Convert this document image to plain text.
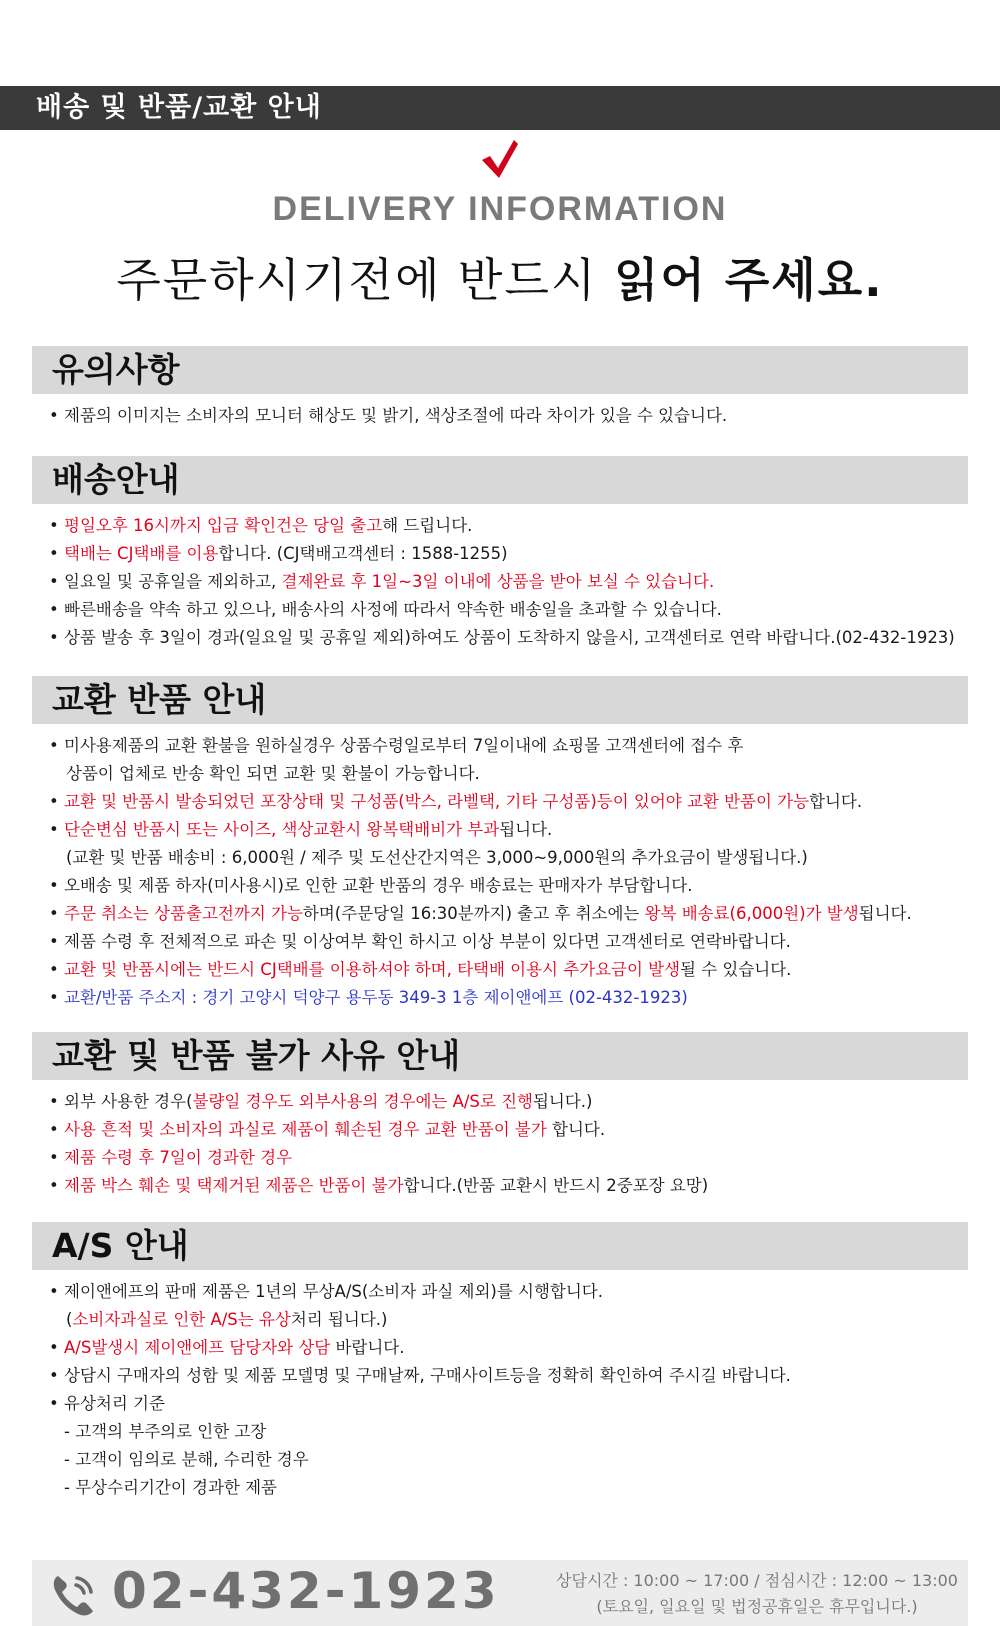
배송 및 반품/교환 안내
DELIVERY INFORMATION
주문하시기전에 반드시 읽어 주세요.
유의사항
• 제품의 이미지는 소비자의 모니터 해상도 및 밝기, 색상조절에 따라 차이가 있을 수 있습니다.
배송안내
• 평일오후 16시까지 입금 확인건은 당일 출고해 드립니다.
• 택배는 CJ택배를 이용합니다. (CJ택배고객센터 : 1588-1255)
• 일요일 및 공휴일을 제외하고, 결제완료 후 1일~3일 이내에 상품을 받아 보실 수 있습니다.
• 빠른배송을 약속 하고 있으나, 배송사의 사정에 따라서 약속한 배송일을 초과할 수 있습니다.
• 상품 발송 후 3일이 경과(일요일 및 공휴일 제외)하여도 상품이 도착하지 않을시, 고객센터로 연락 바랍니다.(02-432-1923)
교환 반품 안내
• 미사용제품의 교환 환불을 원하실경우 상품수령일로부터 7일이내에 쇼핑몰 고객센터에 접수 후
상품이 업체로 반송 확인 되면 교환 및 환불이 가능합니다.
• 교환 및 반품시 발송되었던 포장상태 및 구성품(박스, 라벨택, 기타 구성품)등이 있어야 교환 반품이 가능합니다.
• 단순변심 반품시 또는 사이즈, 색상교환시 왕복택배비가 부과됩니다.
(교환 및 반품 배송비 : 6,000원 / 제주 및 도선산간지역은 3,000~9,000원의 추가요금이 발생됩니다.)
• 오배송 및 제품 하자(미사용시)로 인한 교환 반품의 경우 배송료는 판매자가 부담합니다.
• 주문 취소는 상품출고전까지 가능하며(주문당일 16:30분까지) 출고 후 취소에는 왕복 배송료(6,000원)가 발생됩니다.
• 제품 수령 후 전체적으로 파손 및 이상여부 확인 하시고 이상 부분이 있다면 고객센터로 연락바랍니다.
• 교환 및 반품시에는 반드시 CJ택배를 이용하셔야 하며, 타택배 이용시 추가요금이 발생될 수 있습니다.
• 교환/반품 주소지 : 경기 고양시 덕양구 용두동 349-3 1층 제이앤에프 (02-432-1923)
교환 및 반품 불가 사유 안내
• 외부 사용한 경우(불량일 경우도 외부사용의 경우에는 A/S로 진행됩니다.)
• 사용 흔적 및 소비자의 과실로 제품이 훼손된 경우 교환 반품이 불가 합니다.
• 제품 수령 후 7일이 경과한 경우
• 제품 박스 훼손 및 택제거된 제품은 반품이 불가합니다.(반품 교환시 반드시 2중포장 요망)
A/S 안내
• 제이앤에프의 판매 제품은 1년의 무상A/S(소비자 과실 제외)를 시행합니다.
(소비자과실로 인한 A/S는 유상처리 됩니다.)
• A/S발생시 제이앤에프 담당자와 상담 바랍니다.
• 상담시 구매자의 성함 및 제품 모델명 및 구매날짜, 구매사이트등을 정확히 확인하여 주시길 바랍니다.
• 유상처리 기준
- 고객의 부주의로 인한 고장
- 고객이 임의로 분해, 수리한 경우
- 무상수리기간이 경과한 제품
02-432-1923	상담시간 : 10:00 ~ 17:00 / 점심시간 : 12:00 ~ 13:00
(토요일, 일요일 및 법정공휴일은 휴무입니다.)
